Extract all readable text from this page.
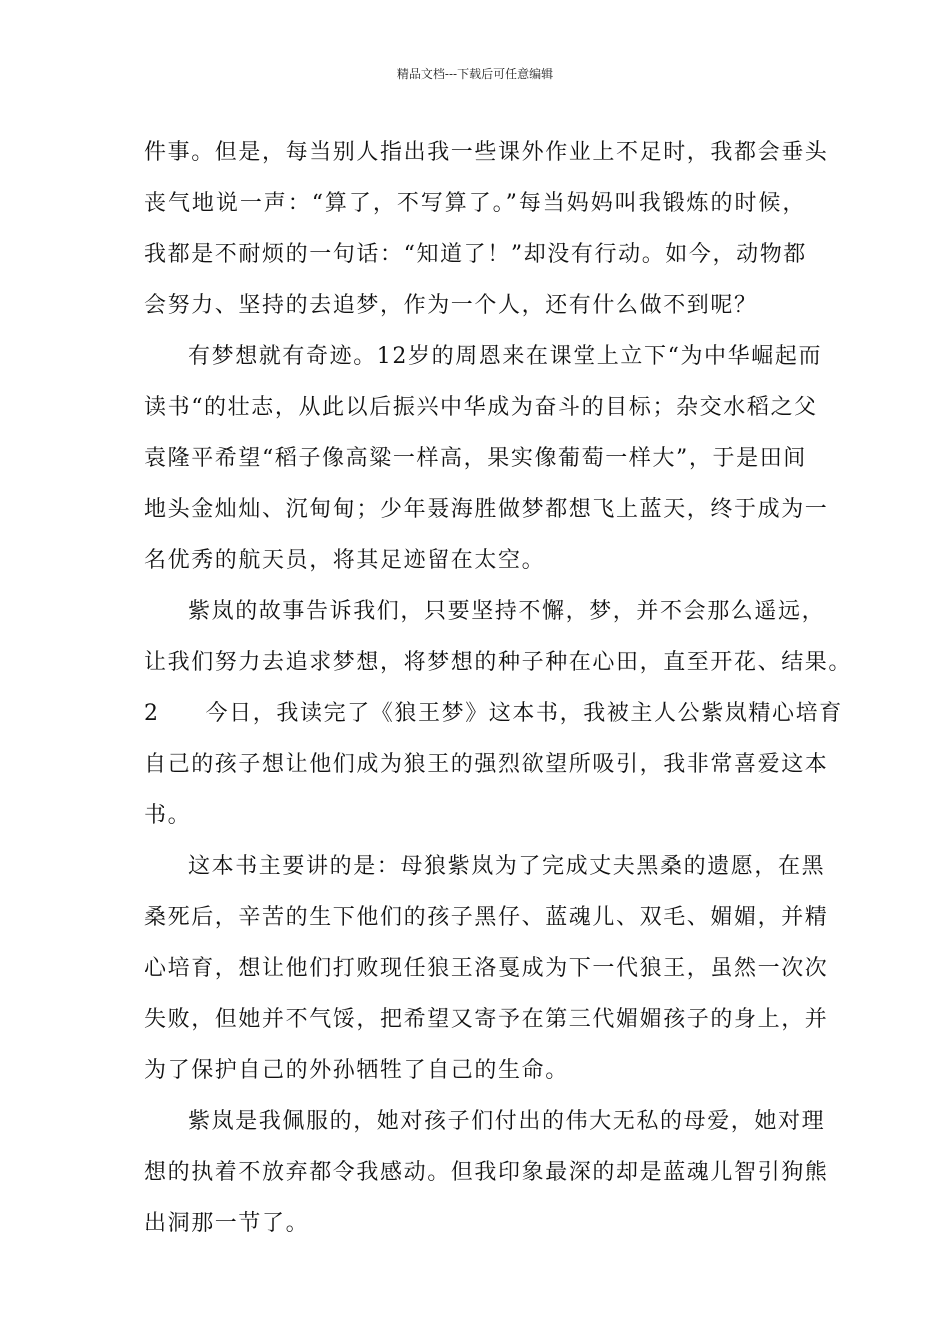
精品文档---下载后可任意编辑
件事。但是，每当别人指出我一些课外作业上不足时，我都会垂头
丧气地说一声：“算了，不写算了。”每当妈妈叫我锻炼的时候，
我都是不耐烦的一句话：“知道了！”却没有行动。如今，动物都
会努力、坚持的去追梦，作为一个人，还有什么做不到呢？
有梦想就有奇迹。12岁的周恩来在课堂上立下“为中华崛起而
读书“的壮志，从此以后振兴中华成为奋斗的目标；杂交水稻之父
袁隆平希望“稻子像高粱一样高，果实像葡萄一样大”，于是田间
地头金灿灿、沉甸甸；少年聂海胜做梦都想飞上蓝天，终于成为一
名优秀的航天员，将其足迹留在太空。
紫岚的故事告诉我们，只要坚持不懈，梦，并不会那么遥远，
让我们努力去追求梦想，将梦想的种子种在心田，直至开花、结果。
2 今日，我读完了《狼王梦》这本书，我被主人公紫岚精心培育
自己的孩子想让他们成为狼王的强烈欲望所吸引，我非常喜爱这本
书。
这本书主要讲的是：母狼紫岚为了完成丈夫黑桑的遗愿，在黑
桑死后，辛苦的生下他们的孩子黑仔、蓝魂儿、双毛、媚媚，并精
心培育，想让他们打败现任狼王洛戛成为下一代狼王，虽然一次次
失败，但她并不气馁，把希望又寄予在第三代媚媚孩子的身上，并
为了保护自己的外孙牺牲了自己的生命。
紫岚是我佩服的，她对孩子们付出的伟大无私的母爱，她对理
想的执着不放弃都令我感动。但我印象最深的却是蓝魂儿智引狗熊
出洞那一节了。
